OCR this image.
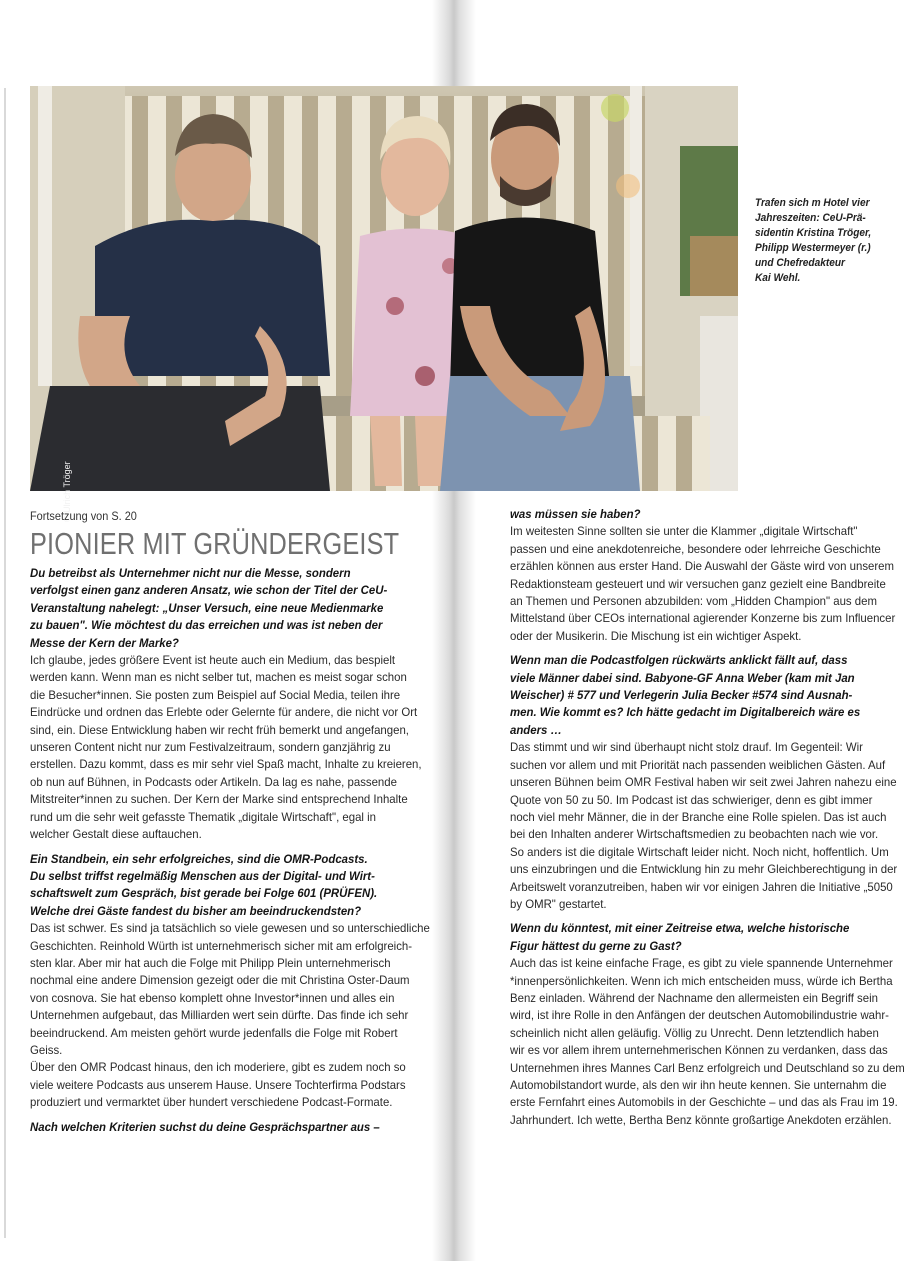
© Ulrich Tröger
Trafen sich m Hotel vier
Jahreszeiten: CeU-Prä-
sidentin Kristina Tröger,
Philipp Westermeyer (r.)
und Chefredakteur
Kai Wehl.
Fortsetzung von S. 20
PIONIER MIT GRÜNDERGEIST
Du betreibst als Unternehmer nicht nur die Messe, sondern
verfolgst einen ganz anderen Ansatz, wie schon der Titel der CeU-
Veranstaltung nahelegt: „Unser Versuch, eine neue Medienmarke
zu bauen". Wie möchtest du das erreichen und was ist neben der
Messe der Kern der Marke?
Ich glaube, jedes größere Event ist heute auch ein Medium, das bespielt
werden kann. Wenn man es nicht selber tut, machen es meist sogar schon
die Besucher*innen. Sie posten zum Beispiel auf Social Media, teilen ihre
Eindrücke und ordnen das Erlebte oder Gelernte für andere, die nicht vor Ort
sind, ein. Diese Entwicklung haben wir recht früh bemerkt und angefangen,
unseren Content nicht nur zum Festivalzeitraum, sondern ganzjährig zu
erstellen. Dazu kommt, dass es mir sehr viel Spaß macht, Inhalte zu kreieren,
ob nun auf Bühnen, in Podcasts oder Artikeln. Da lag es nahe, passende
Mitstreiter*innen zu suchen. Der Kern der Marke sind entsprechend Inhalte
rund um die sehr weit gefasste Thematik „digitale Wirtschaft", egal in
welcher Gestalt diese auftauchen.
Ein Standbein, ein sehr erfolgreiches, sind die OMR-Podcasts.
Du selbst triffst regelmäßig Menschen aus der Digital- und Wirt-
schaftswelt zum Gespräch, bist gerade bei Folge 601 (PRÜFEN).
Welche drei Gäste fandest du bisher am beeindruckendsten?
Das ist schwer. Es sind ja tatsächlich so viele gewesen und so unterschiedliche
Geschichten. Reinhold Würth ist unternehmerisch sicher mit am erfolgreich-
sten klar. Aber mir hat auch die Folge mit Philipp Plein unternehmerisch
nochmal eine andere Dimension gezeigt oder die mit Christina Oster-Daum
von cosnova. Sie hat ebenso komplett ohne Investor*innen und alles ein
Unternehmen aufgebaut, das Milliarden wert sein dürfte. Das finde ich sehr
beeindruckend. Am meisten gehört wurde jedenfalls die Folge mit Robert
Geiss.
Über den OMR Podcast hinaus, den ich moderiere, gibt es zudem noch so
viele weitere Podcasts aus unserem Hause. Unsere Tochterfirma Podstars
produziert und vermarktet über hundert verschiedene Podcast-Formate.
Nach welchen Kriterien suchst du deine Gesprächspartner aus –
was müssen sie haben?
Im weitesten Sinne sollten sie unter die Klammer „digitale Wirtschaft"
passen und eine anekdotenreiche, besondere oder lehrreiche Geschichte
erzählen können aus erster Hand. Die Auswahl der Gäste wird von unserem
Redaktionsteam gesteuert und wir versuchen ganz gezielt eine Bandbreite
an Themen und Personen abzubilden: vom „Hidden Champion" aus dem
Mittelstand über CEOs international agierender Konzerne bis zum Influencer
oder der Musikerin. Die Mischung ist ein wichtiger Aspekt.
Wenn man die Podcastfolgen rückwärts anklickt fällt auf, dass
viele Männer dabei sind. Babyone-GF Anna Weber (kam mit Jan
Weischer) # 577 und Verlegerin Julia Becker #574 sind Ausnah-
men. Wie kommt es? Ich hätte gedacht im Digitalbereich wäre es
anders …
Das stimmt und wir sind überhaupt nicht stolz drauf. Im Gegenteil: Wir
suchen vor allem und mit Priorität nach passenden weiblichen Gästen. Auf
unseren Bühnen beim OMR Festival haben wir seit zwei Jahren nahezu eine
Quote von 50 zu 50. Im Podcast ist das schwieriger, denn es gibt immer
noch viel mehr Männer, die in der Branche eine Rolle spielen. Das ist auch
bei den Inhalten anderer Wirtschaftsmedien zu beobachten nach wie vor.
So anders ist die digitale Wirtschaft leider nicht. Noch nicht, hoffentlich. Um
uns einzubringen und die Entwicklung hin zu mehr Gleichberechtigung in der
Arbeitswelt voranzutreiben, haben wir vor einigen Jahren die Initiative „5050
by OMR" gestartet.
Wenn du könntest, mit einer Zeitreise etwa, welche historische
Figur hättest du gerne zu Gast?
Auch das ist keine einfache Frage, es gibt zu viele spannende Unternehmer
*innenpersönlichkeiten. Wenn ich mich entscheiden muss, würde ich Bertha
Benz einladen. Während der Nachname den allermeisten ein Begriff sein
wird, ist ihre Rolle in den Anfängen der deutschen Automobilindustrie wahr-
scheinlich nicht allen geläufig. Völlig zu Unrecht. Denn letztendlich haben
wir es vor allem ihrem unternehmerischen Können zu verdanken, dass das
Unternehmen ihres Mannes Carl Benz erfolgreich und Deutschland so zu dem
Automobilstandort wurde, als den wir ihn heute kennen. Sie unternahm die
erste Fernfahrt eines Automobils in der Geschichte – und das als Frau im 19.
Jahrhundert. Ich wette, Bertha Benz könnte großartige Anekdoten erzählen.
